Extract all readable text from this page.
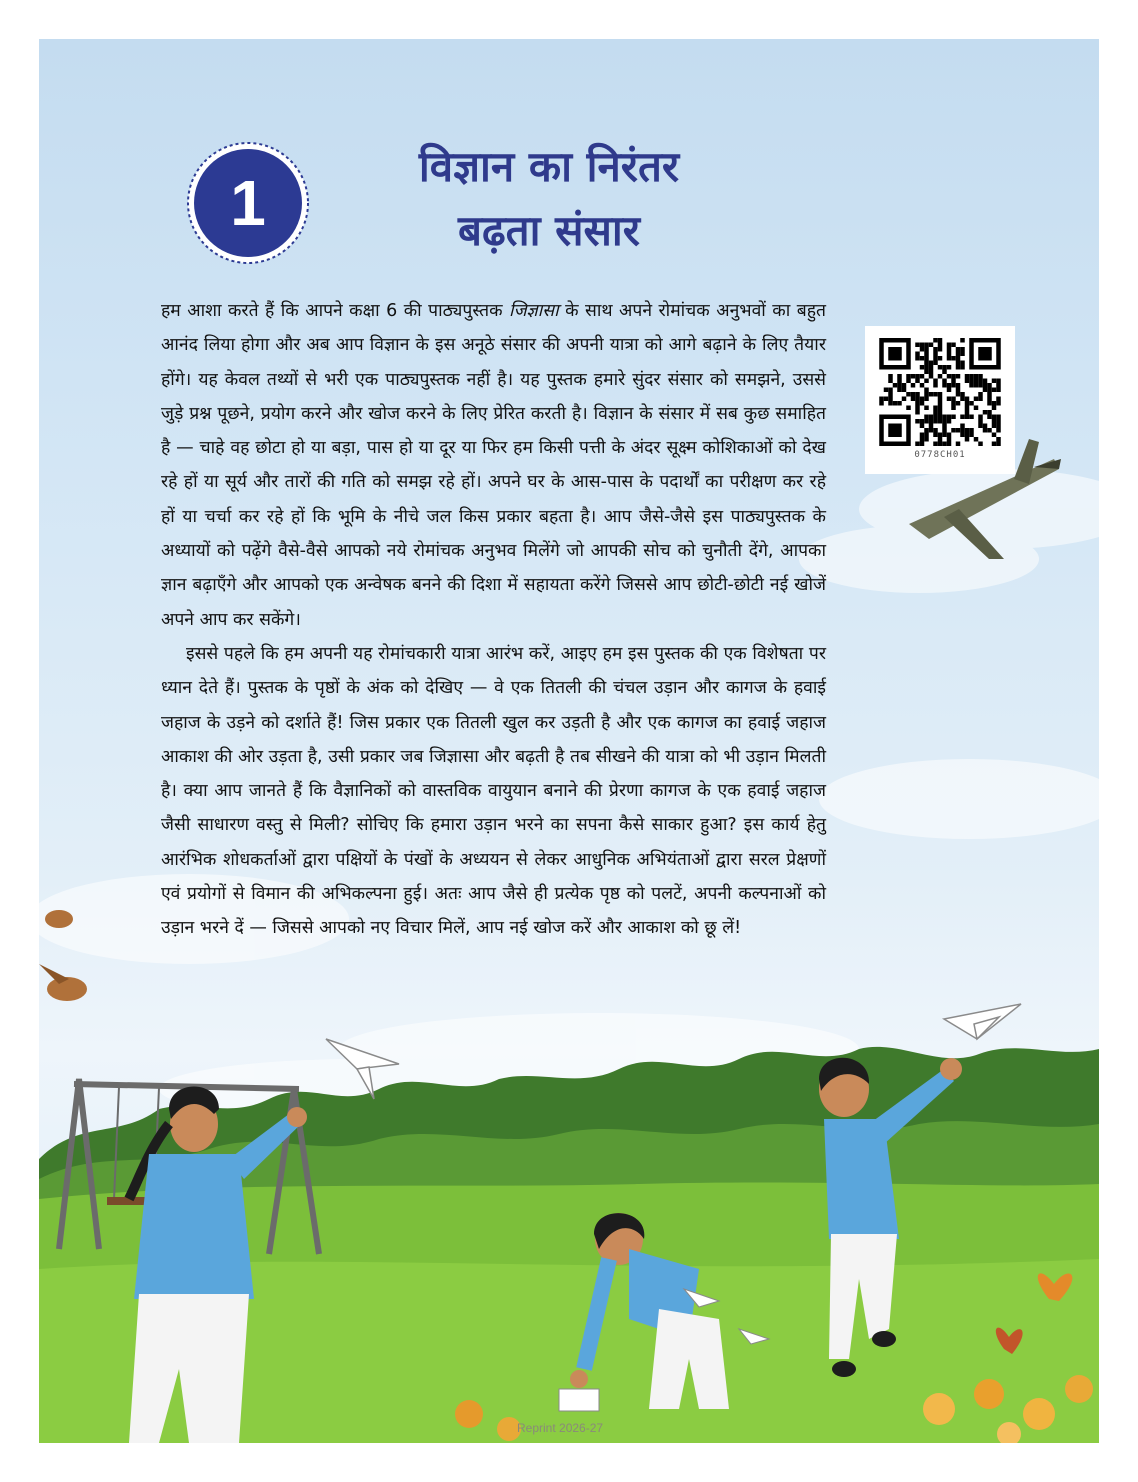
1
विज्ञान का निरंतर
बढ़ता संसार

हम आशा करते हैं कि आपने कक्षा 6 की पाठ्यपुस्तक जिज्ञासा के साथ अपने रोमांचक अनुभवों का बहुत आनंद लिया होगा और अब आप विज्ञान के इस अनूठे संसार की अपनी यात्रा को आगे बढ़ाने के लिए तैयार होंगे। यह केवल तथ्यों से भरी एक पाठ्यपुस्तक नहीं है। यह पुस्तक हमारे सुंदर संसार को समझने, उससे जुड़े प्रश्न पूछने, प्रयोग करने और खोज करने के लिए प्रेरित करती है। विज्ञान के संसार में सब कुछ समाहित है — चाहे वह छोटा हो या बड़ा, पास हो या दूर या फिर हम किसी पत्ती के अंदर सूक्ष्म कोशिकाओं को देख रहे हों या सूर्य और तारों की गति को समझ रहे हों। अपने घर के आस-पास के पदार्थों का परीक्षण कर रहे हों या चर्चा कर रहे हों कि भूमि के नीचे जल किस प्रकार बहता है। आप जैसे-जैसे इस पाठ्यपुस्तक के अध्यायों को पढ़ेंगे वैसे-वैसे आपको नये रोमांचक अनुभव मिलेंगे जो आपकी सोच को चुनौती देंगे, आपका ज्ञान बढ़ाएँगे और आपको एक अन्वेषक बनने की दिशा में सहायता करेंगे जिससे आप छोटी-छोटी नई खोजें अपने आप कर सकेंगे।

इससे पहले कि हम अपनी यह रोमांचकारी यात्रा आरंभ करें, आइए हम इस पुस्तक की एक विशेषता पर ध्यान देते हैं। पुस्तक के पृष्ठों के अंक को देखिए — वे एक तितली की चंचल उड़ान और कागज के हवाई जहाज के उड़ने को दर्शाते हैं! जिस प्रकार एक तितली खुल कर उड़ती है और एक कागज का हवाई जहाज आकाश की ओर उड़ता है, उसी प्रकार जब जिज्ञासा और बढ़ती है तब सीखने की यात्रा को भी उड़ान मिलती है। क्या आप जानते हैं कि वैज्ञानिकों को वास्तविक वायुयान बनाने की प्रेरणा कागज के एक हवाई जहाज जैसी साधारण वस्तु से मिली? सोचिए कि हमारा उड़ान भरने का सपना कैसे साकार हुआ? इस कार्य हेतु आरंभिक शोधकर्ताओं द्वारा पक्षियों के पंखों के अध्ययन से लेकर आधुनिक अभियंताओं द्वारा सरल प्रेक्षणों एवं प्रयोगों से विमान की अभिकल्पना हुई। अतः आप जैसे ही प्रत्येक पृष्ठ को पलटें, अपनी कल्पनाओं को उड़ान भरने दें — जिससे आपको नए विचार मिलें, आप नई खोज करें और आकाश को छू लें!

0778CH01
Reprint 2026-27
